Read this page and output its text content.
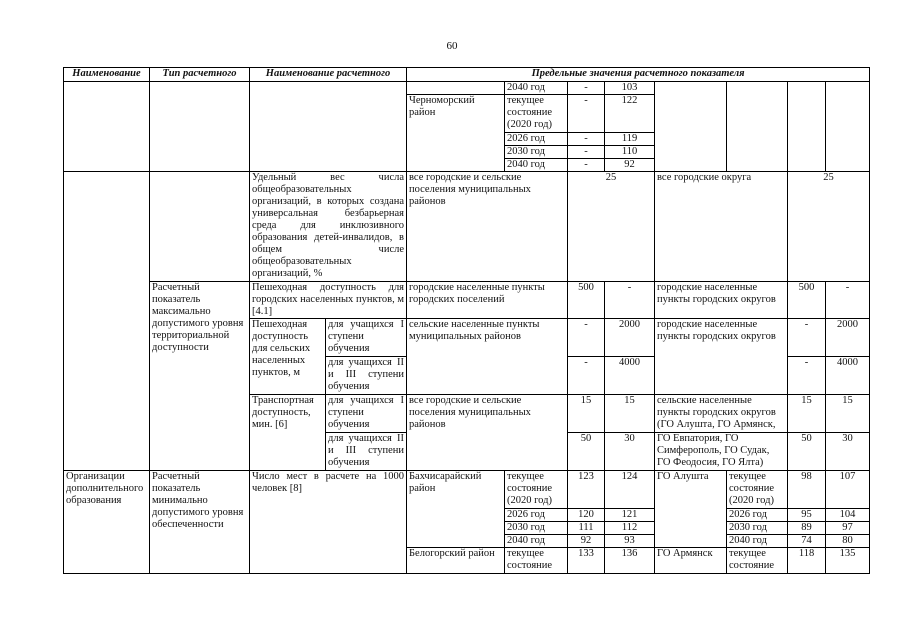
60
Наименование	Тип расчетного	Наименование расчетного		Предельные значения расчетного показателя							
					2040 год	-	103				
				Черноморский район	текущее состояние (2020 год)	-	122				
					2026 год	-	119				
					2030 год	-	110				
					2040 год	-	92				
		Удельный вес числа общеобразовательных организаций, в которых создана универсальная безбарьерная среда для инклюзивного образования детей-инвалидов, в общем числе общеобразовательных организаций, %		все городские и сельские поселения муниципальных районов		25		все городские округа		25	
	Расчетный показатель максимально допустимого уровня территориальной доступности	Пешеходная доступность для городских населенных пунктов, м [4.1]		городские населенные пункты городских поселений		500	-	городские населенные пункты городских округов		500	-
		Пешеходная доступность для сельских населенных пунктов, м	для учащихся I ступени обучения	сельские населенные пункты муниципальных районов		-	2000	городские населенные пункты городских округов		-	2000
			для учащихся II и III ступени обучения			-	4000			-	4000
		Транспортная доступность, мин. [6]	для учащихся I ступени обучения	все городские и сельские поселения муниципальных районов		15	15	сельские населенные пункты городских округов (ГО Алушта, ГО Армянск,		15	15
			для учащихся II и III ступени обучения			50	30	ГО Евпатория, ГО Симферополь, ГО Судак, ГО Феодосия, ГО Ялта)		50	30
Организации дополнительного образования	Расчетный показатель минимально допустимого уровня обеспеченности	Число мест в расчете на 1000 человек [8]		Бахчисарайский район	текущее состояние (2020 год)	123	124	ГО Алушта	текущее состояние (2020 год)	98	107
					2026 год	120	121		2026 год	95	104
					2030 год	111	112		2030 год	89	97
					2040 год	92	93		2040 год	74	80
				Белогорский район	текущее состояние	133	136	ГО Армянск	текущее состояние	118	135
